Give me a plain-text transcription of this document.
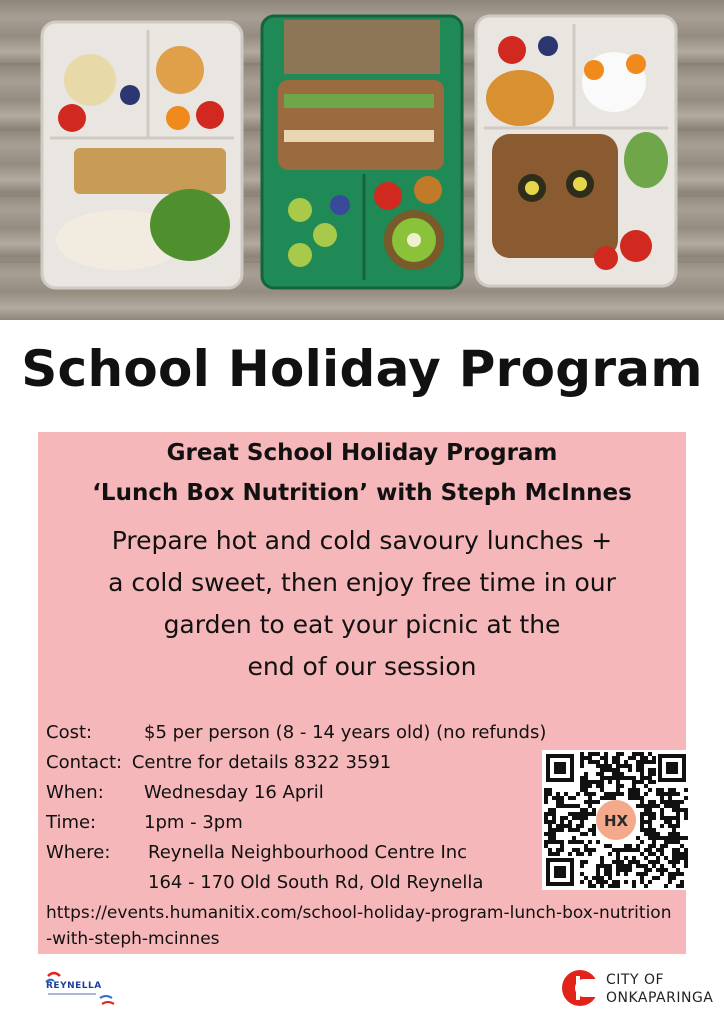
School Holiday Program
Great School Holiday Program
‘Lunch Box Nutrition’ with Steph McInnes
Prepare hot and cold savoury lunches +
a cold sweet, then enjoy free time in our
garden to eat your picnic at the
end of our session
Cost:	$5 per person (8 - 14 years old) (no refunds)
Contact: Centre for details 8322 3591
When: Wednesday 16 April
Time:	1pm - 3pm
Where: Reynella Neighbourhood Centre Inc
164 - 170 Old South Rd, Old Reynella
https://events.humanitix.com/school-holiday-program-lunch-box-nutrition-with-steph-mcinnes
HX
REYNELLA	CITY OF
ONKAPARINGA
